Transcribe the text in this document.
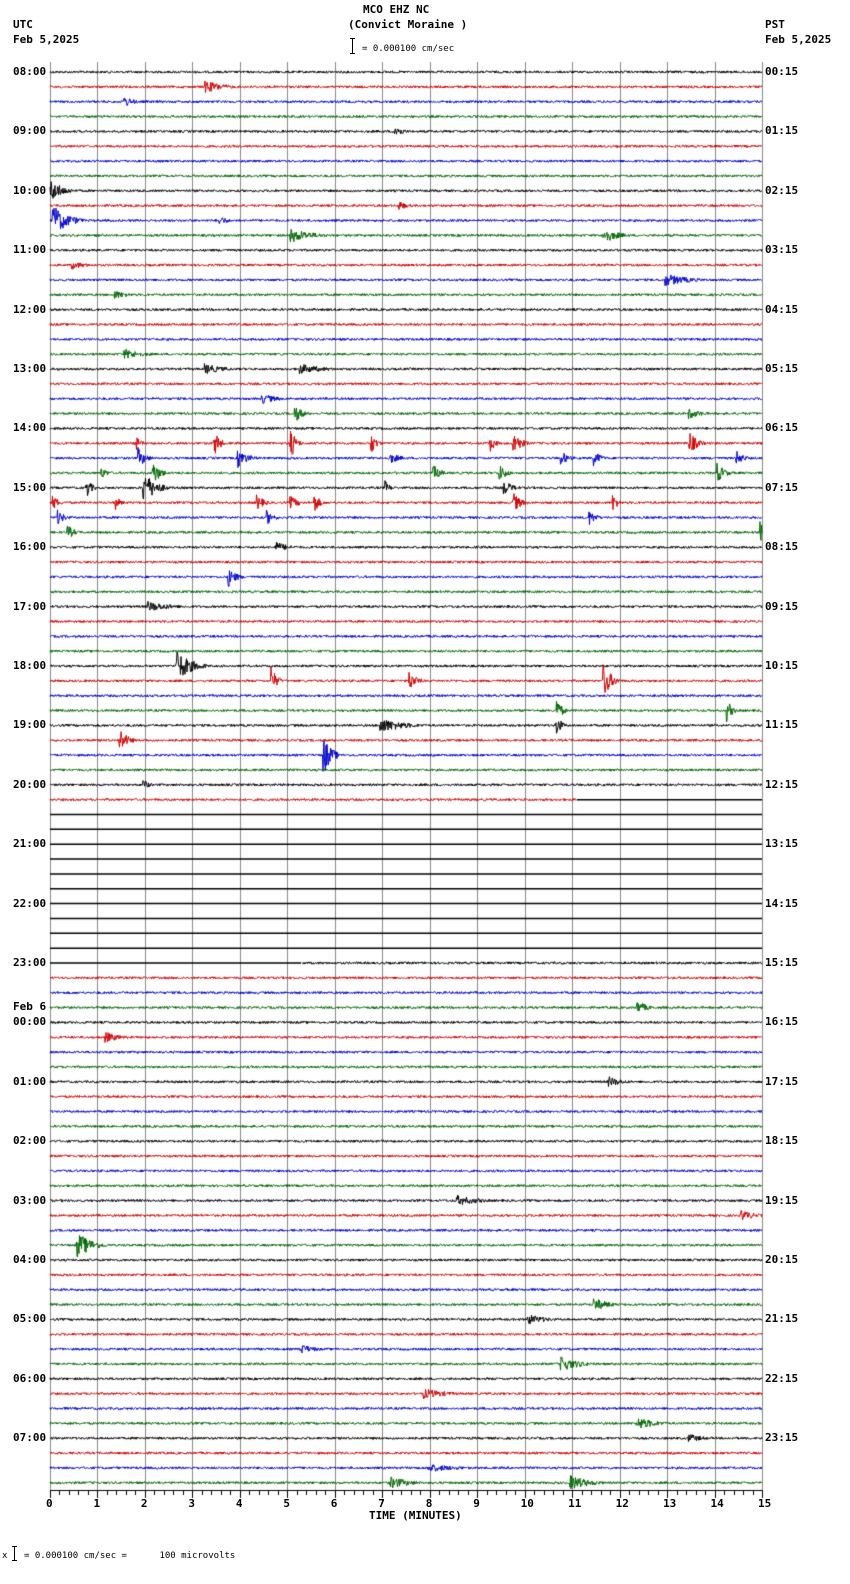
MCO EHZ NC
(Convict Moraine )
UTC
Feb 5,2025
PST
Feb 5,2025
= 0.000100 cm/sec
08:00
09:00
10:00
11:00
12:00
13:00
14:00
15:00
16:00
17:00
18:00
19:00
20:00
21:00
22:00
23:00
00:00
Feb 6
01:00
02:00
03:00
04:00
05:00
06:00
07:00
00:15
01:15
02:15
03:15
04:15
05:15
06:15
07:15
08:15
09:15
10:15
11:15
12:15
13:15
14:15
15:15
16:15
17:15
18:15
19:15
20:15
21:15
22:15
23:15
0	1	2	3	4	5	6	7	8	9	10	11	12	13	14	15
TIME (MINUTES)
x = 0.000100 cm/sec =      100 microvolts
